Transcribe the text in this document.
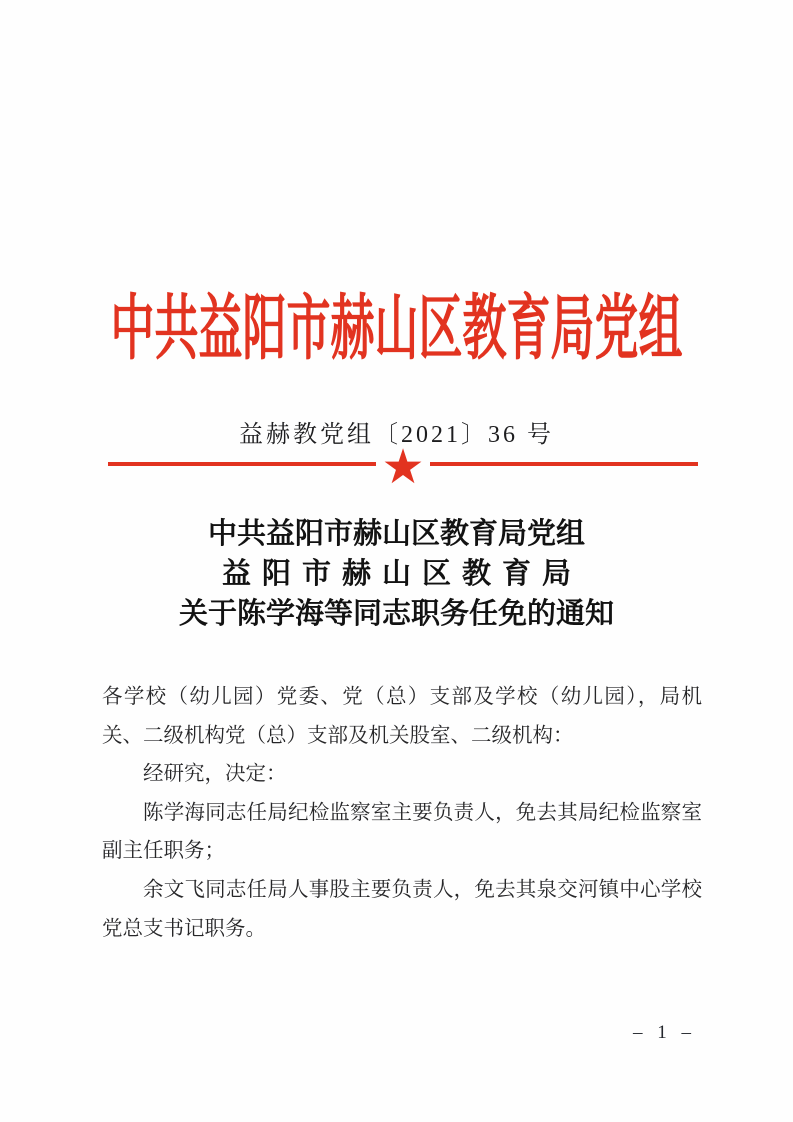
中共益阳市赫山区教育局党组
益赫教党组〔2021〕36 号
★
中共益阳市赫山区教育局党组
益阳市赫山区教育局
关于陈学海等同志职务任免的通知

各学校（幼儿园）党委、党（总）支部及学校（幼儿园），局机关、二级机构党（总）支部及机关股室、二级机构：

经研究，决定：

陈学海同志任局纪检监察室主要负责人，免去其局纪检监察室副主任职务；

余文飞同志任局人事股主要负责人，免去其泉交河镇中心学校党总支书记职务。

– 1 –
